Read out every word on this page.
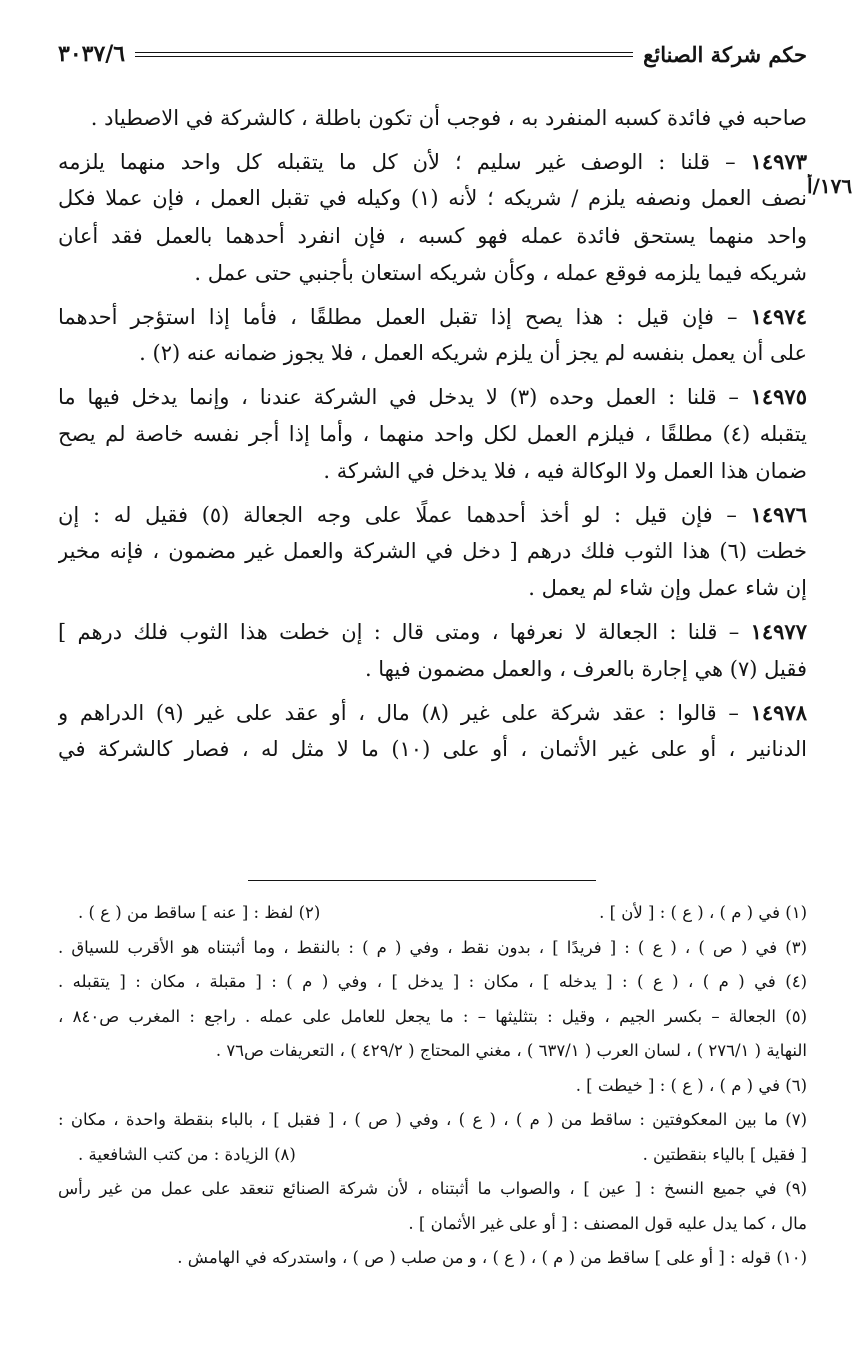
حكم شركة الصنائع
٣٠٣٧/٦
١٧٦/أ
صاحبه في فائدة كسبه المنفرد به ، فوجب أن تكون باطلة ، كالشركة في الاصطياد .
١٤٩٧٣ – قلنا : الوصف غير سليم ؛ لأن كل ما يتقبله كل واحد منهما يلزمه
نصف العمل ونصفه يلزم / شريكه ؛ لأنه (١) وكيله في تقبل العمل ، فإن عملا فكل
واحد منهما يستحق فائدة عمله فهو كسبه ، فإن انفرد أحدهما بالعمل فقد أعان
شريكه فيما يلزمه فوقع عمله ، وكأن شريكه استعان بأجنبي حتى عمل .
١٤٩٧٤ – فإن قيل : هذا يصح إذا تقبل العمل مطلقًا ، فأما إذا استؤجر أحدهما
على أن يعمل بنفسه لم يجز أن يلزم شريكه العمل ، فلا يجوز ضمانه عنه (٢) .
١٤٩٧٥ – قلنا : العمل وحده (٣) لا يدخل في الشركة عندنا ، وإنما يدخل فيها ما
يتقبله (٤) مطلقًا ، فيلزم العمل لكل واحد منهما ، وأما إذا أجر نفسه خاصة لم يصح
ضمان هذا العمل ولا الوكالة فيه ، فلا يدخل في الشركة .
١٤٩٧٦ – فإن قيل : لو أخذ أحدهما عملًا على وجه الجعالة (٥) فقيل له : إن
خطت (٦) هذا الثوب فلك درهم [ دخل في الشركة والعمل غير مضمون ، فإنه مخير
إن شاء عمل وإن شاء لم يعمل .
١٤٩٧٧ – قلنا : الجعالة لا نعرفها ، ومتى قال : إن خطت هذا الثوب فلك درهم ]
فقيل (٧) هي إجارة بالعرف ، والعمل مضمون فيها .
١٤٩٧٨ – قالوا : عقد شركة على غير (٨) مال ، أو عقد على غير (٩) الدراهم و
الدنانير ، أو على غير الأثمان ، أو على (١٠) ما لا مثل له ، فصار كالشركة في
(١) في ( م ) ، ( ع ) : [ لأن ] .
(٢) لفظ : [ عنه ] ساقط من ( ع ) .
(٣) في ( ص ) ، ( ع ) : [ فريدًا ] ، بدون نقط ، وفي ( م ) : بالنقط ، وما أثبتناه هو الأقرب للسياق .
(٤) في ( م ) ، ( ع ) : [ يدخله ] ، مكان : [ يدخل ] ، وفي ( م ) : [ مقبلة ، مكان : [ يتقبله .
(٥) الجعالة – بكسر الجيم ، وقيل : بتثليثها – : ما يجعل للعامل على عمله . راجع : المغرب ص٨٤٠ ،
النهاية ( ٢٧٦/١ ) ، لسان العرب ( ٦٣٧/١ ) ، مغني المحتاج ( ٤٢٩/٢ ) ، التعريفات ص٧٦ .
(٦) في ( م ) ، ( ع ) : [ خيطت ] .
(٧) ما بين المعكوفتين : ساقط من ( م ) ، ( ع ) ، وفي ( ص ) ، [ فقبل ] ، بالباء بنقطة واحدة ، مكان :
[ فقيل ] بالياء بنقطتين .
(٨) الزيادة : من كتب الشافعية .
(٩) في جميع النسخ : [ عين ] ، والصواب ما أثبتناه ، لأن شركة الصنائع تنعقد على عمل من غير رأس
مال ، كما يدل عليه قول المصنف : [ أو على غير الأثمان ] .
(١٠) قوله : [ أو على ] ساقط من ( م ) ، ( ع ) ، و من صلب ( ص ) ، واستدركه في الهامش .
